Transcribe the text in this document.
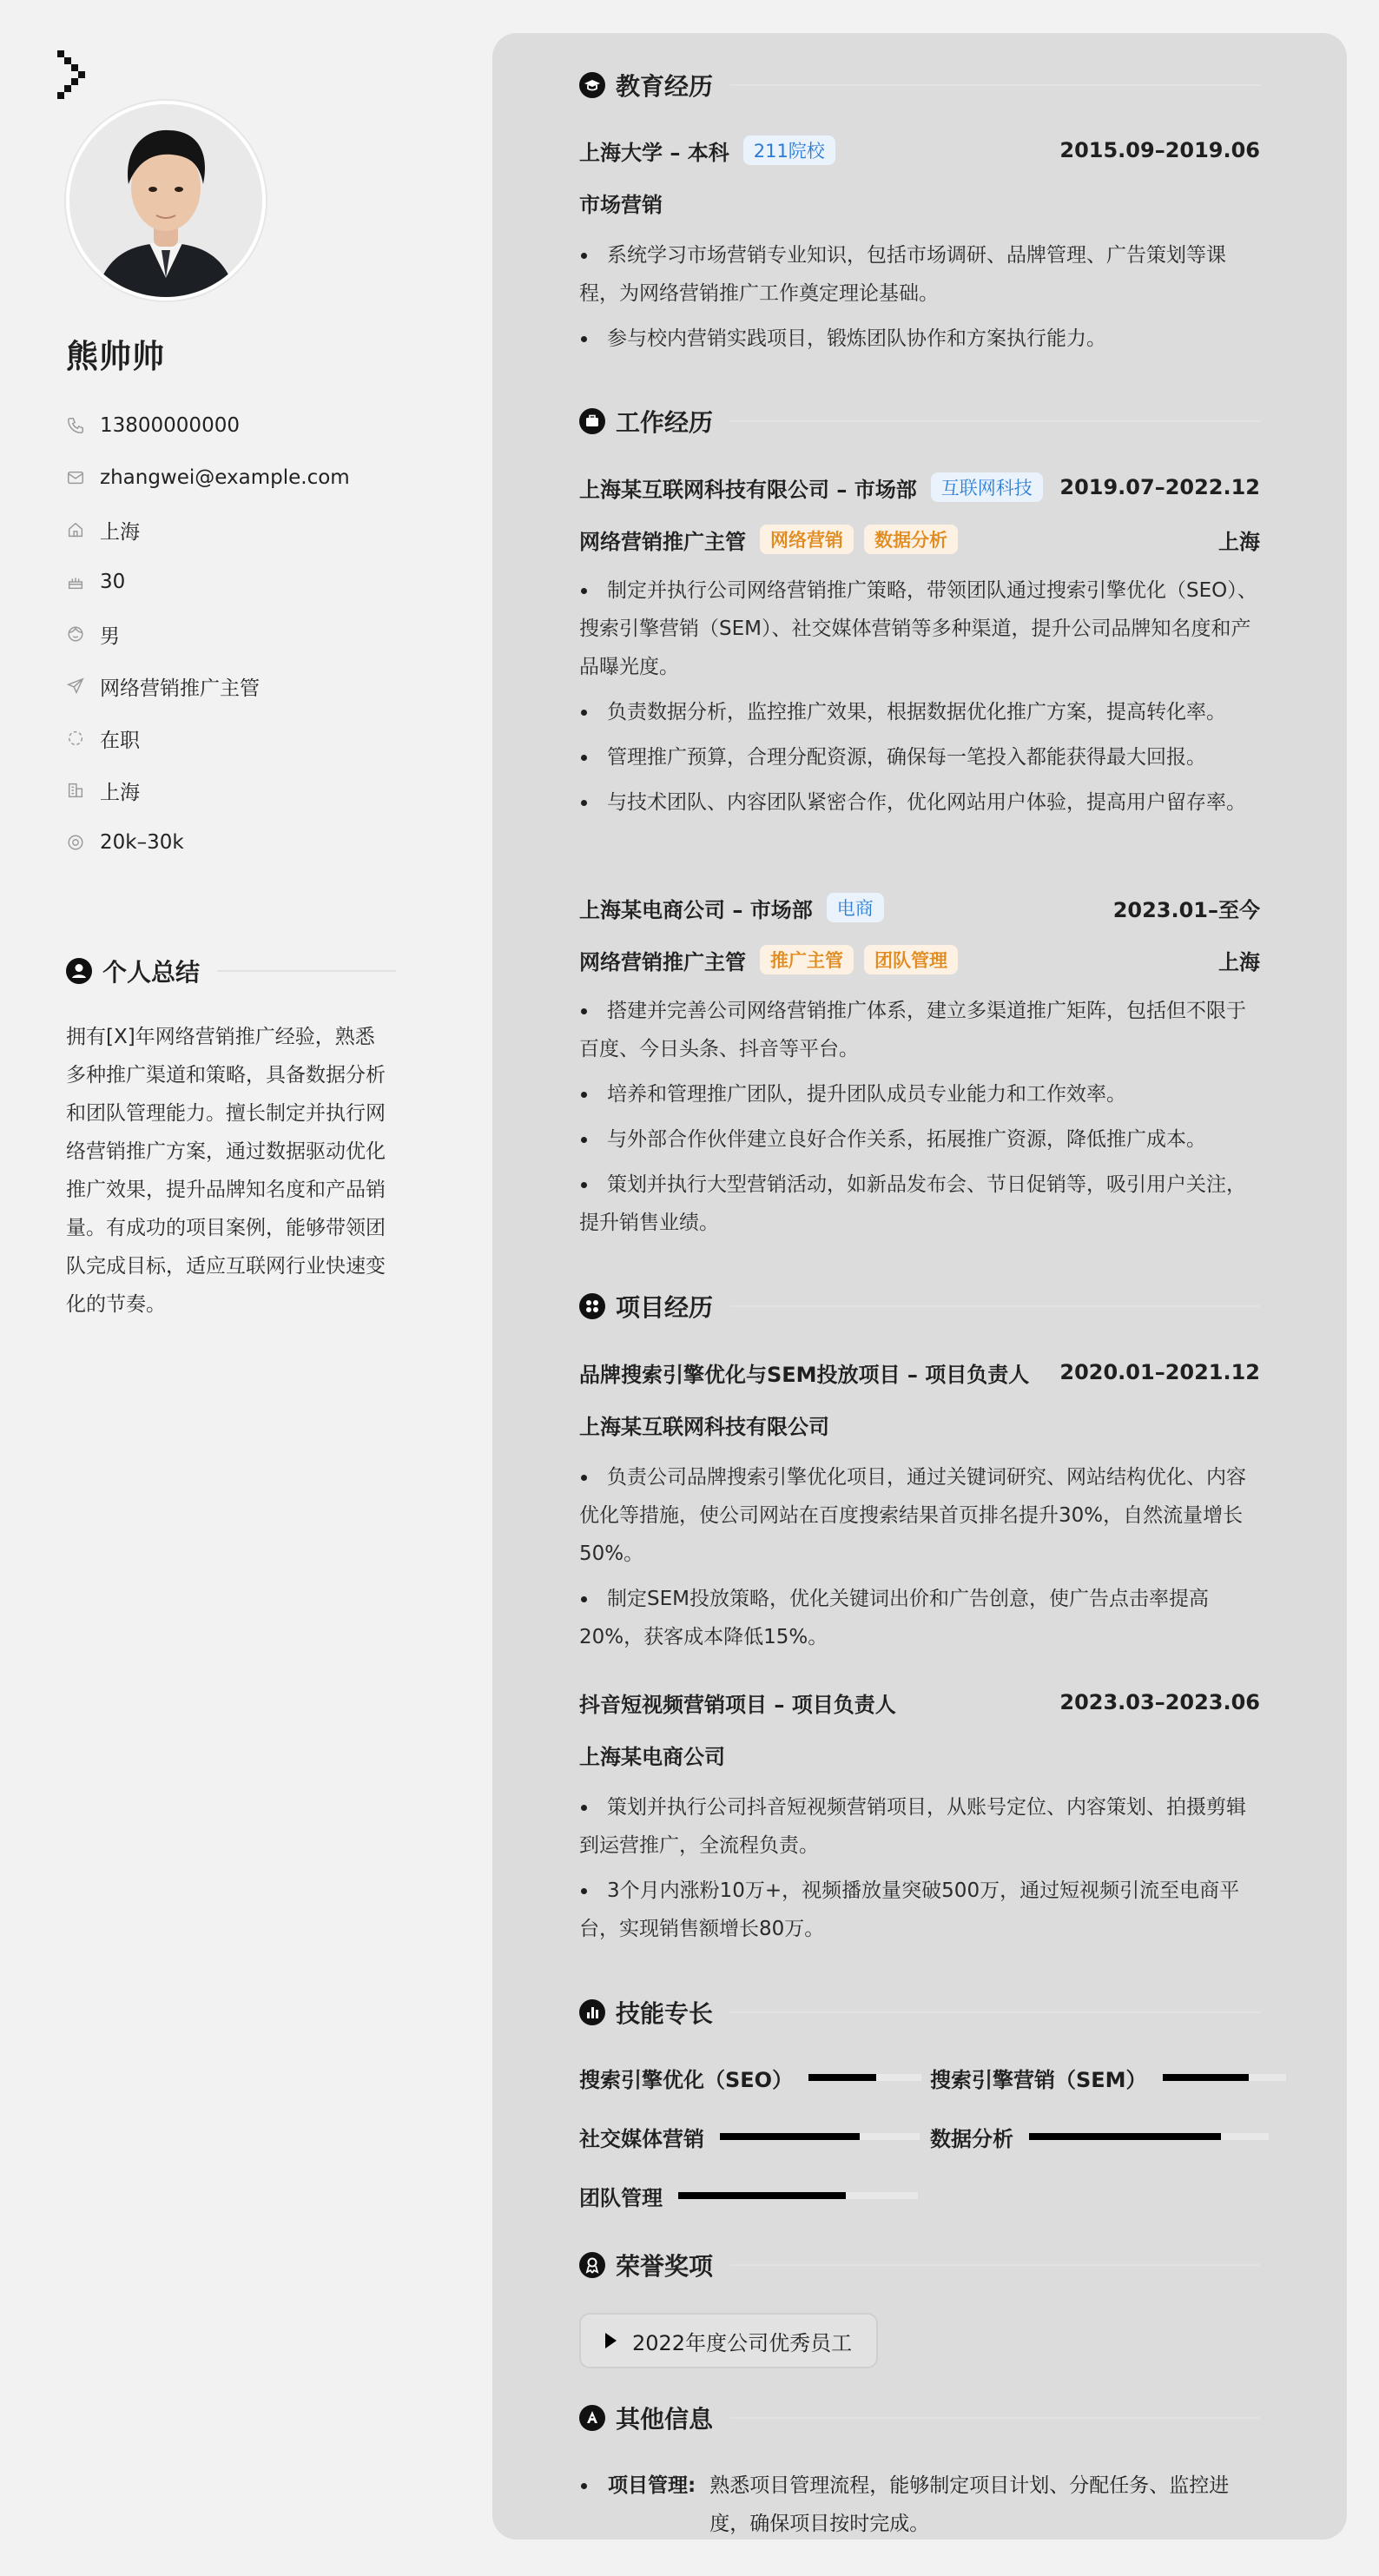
熊帅帅
13800000000
zhangwei@example.com
上海
30
男
网络营销推广主管
在职
上海
20k–30k
个人总结
拥有[X]年网络营销推广经验，熟悉多种推广渠道和策略，具备数据分析和团队管理能力。擅长制定并执行网络营销推广方案，通过数据驱动优化推广效果，提升品牌知名度和产品销量。有成功的项目案例，能够带领团队完成目标，适应互联网行业快速变化的节奏。
教育经历
上海大学 – 本科	211院校	2015.09–2019.06
市场营销
系统学习市场营销专业知识，包括市场调研、品牌管理、广告策划等课程，为网络营销推广工作奠定理论基础。
参与校内营销实践项目，锻炼团队协作和方案执行能力。
工作经历
上海某互联网科技有限公司 – 市场部	互联网科技	2019.07–2022.12
网络营销推广主管	网络营销	数据分析	上海
制定并执行公司网络营销推广策略，带领团队通过搜索引擎优化（SEO）、搜索引擎营销（SEM）、社交媒体营销等多种渠道，提升公司品牌知名度和产品曝光度。
负责数据分析，监控推广效果，根据数据优化推广方案，提高转化率。
管理推广预算，合理分配资源，确保每一笔投入都能获得最大回报。
与技术团队、内容团队紧密合作，优化网站用户体验，提高用户留存率。
上海某电商公司 – 市场部	电商	2023.01–至今
网络营销推广主管	推广主管	团队管理	上海
搭建并完善公司网络营销推广体系，建立多渠道推广矩阵，包括但不限于百度、今日头条、抖音等平台。
培养和管理推广团队，提升团队成员专业能力和工作效率。
与外部合作伙伴建立良好合作关系，拓展推广资源，降低推广成本。
策划并执行大型营销活动，如新品发布会、节日促销等，吸引用户关注，提升销售业绩。
项目经历
品牌搜索引擎优化与SEM投放项目 – 项目负责人 2020.01–2021.12
上海某互联网科技有限公司
负责公司品牌搜索引擎优化项目，通过关键词研究、网站结构优化、内容优化等措施，使公司网站在百度搜索结果首页排名提升30%，自然流量增长50%。
制定SEM投放策略，优化关键词出价和广告创意，使广告点击率提高20%，获客成本降低15%。
抖音短视频营销项目 – 项目负责人	2023.03–2023.06
上海某电商公司
策划并执行公司抖音短视频营销项目，从账号定位、内容策划、拍摄剪辑到运营推广，全流程负责。
3个月内涨粉10万+，视频播放量突破500万，通过短视频引流至电商平台，实现销售额增长80万。
技能专长
搜索引擎优化（SEO）	搜索引擎营销（SEM）
社交媒体营销	数据分析
团队管理
荣誉奖项
2022年度公司优秀员工
其他信息
项目管理: 熟悉项目管理流程，能够制定项目计划、分配任务、监控进度，确保项目按时完成。
